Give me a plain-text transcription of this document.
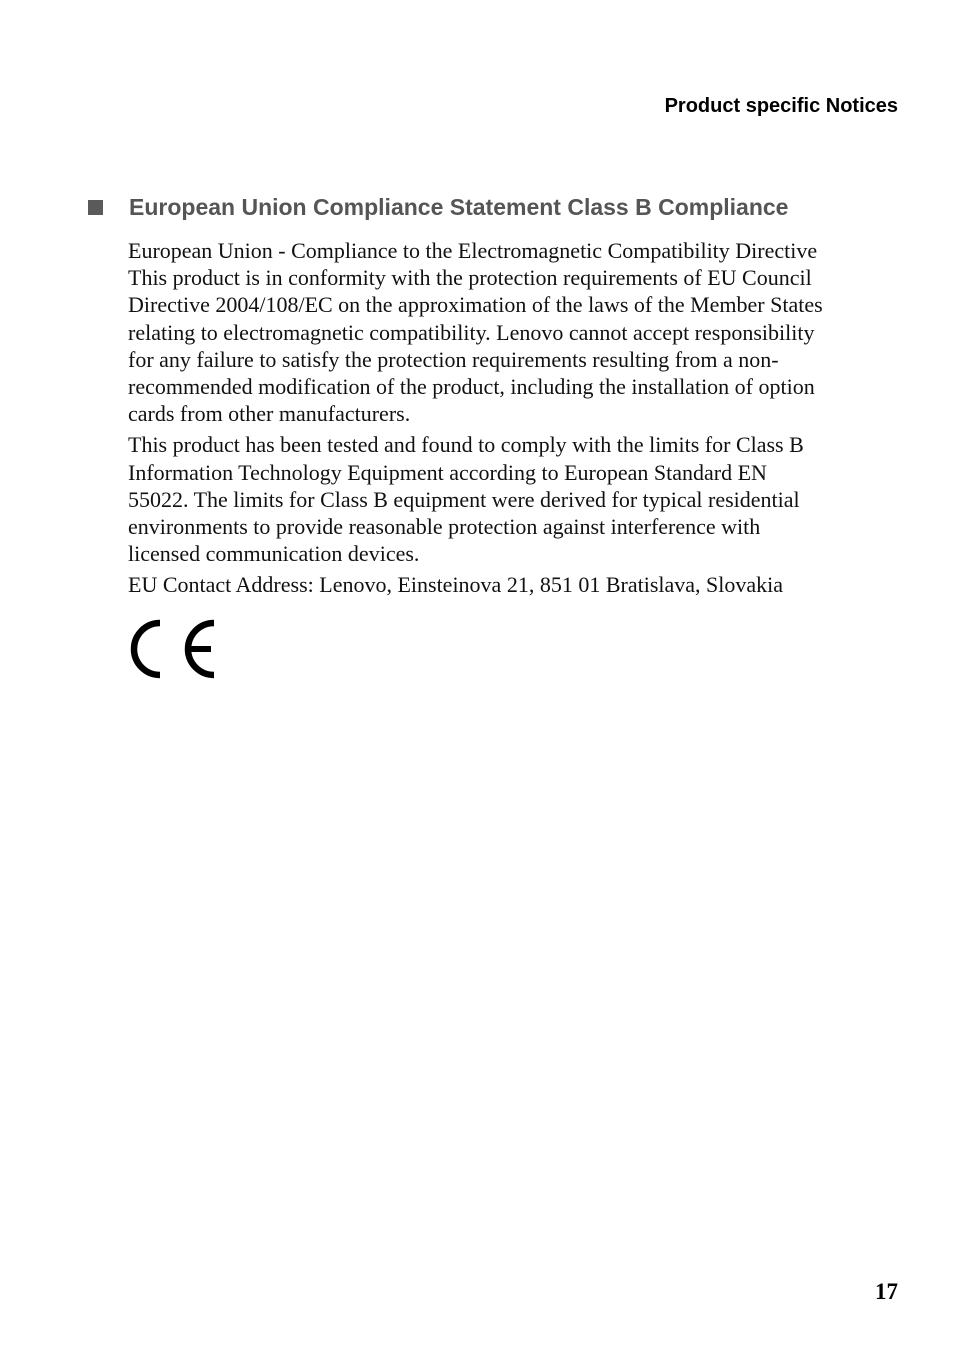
Product specific Notices
European Union Compliance Statement Class B Compliance

European Union - Compliance to the Electromagnetic Compatibility Directive
This product is in conformity with the protection requirements of EU Council
Directive 2004/108/EC on the approximation of the laws of the Member States
relating to electromagnetic compatibility. Lenovo cannot accept responsibility
for any failure to satisfy the protection requirements resulting from a non-
recommended modification of the product, including the installation of option
cards from other manufacturers.

This product has been tested and found to comply with the limits for Class B
Information Technology Equipment according to European Standard EN
55022. The limits for Class B equipment were derived for typical residential
environments to provide reasonable protection against interference with
licensed communication devices.

EU Contact Address: Lenovo, Einsteinova 21, 851 01 Bratislava, Slovakia

17
